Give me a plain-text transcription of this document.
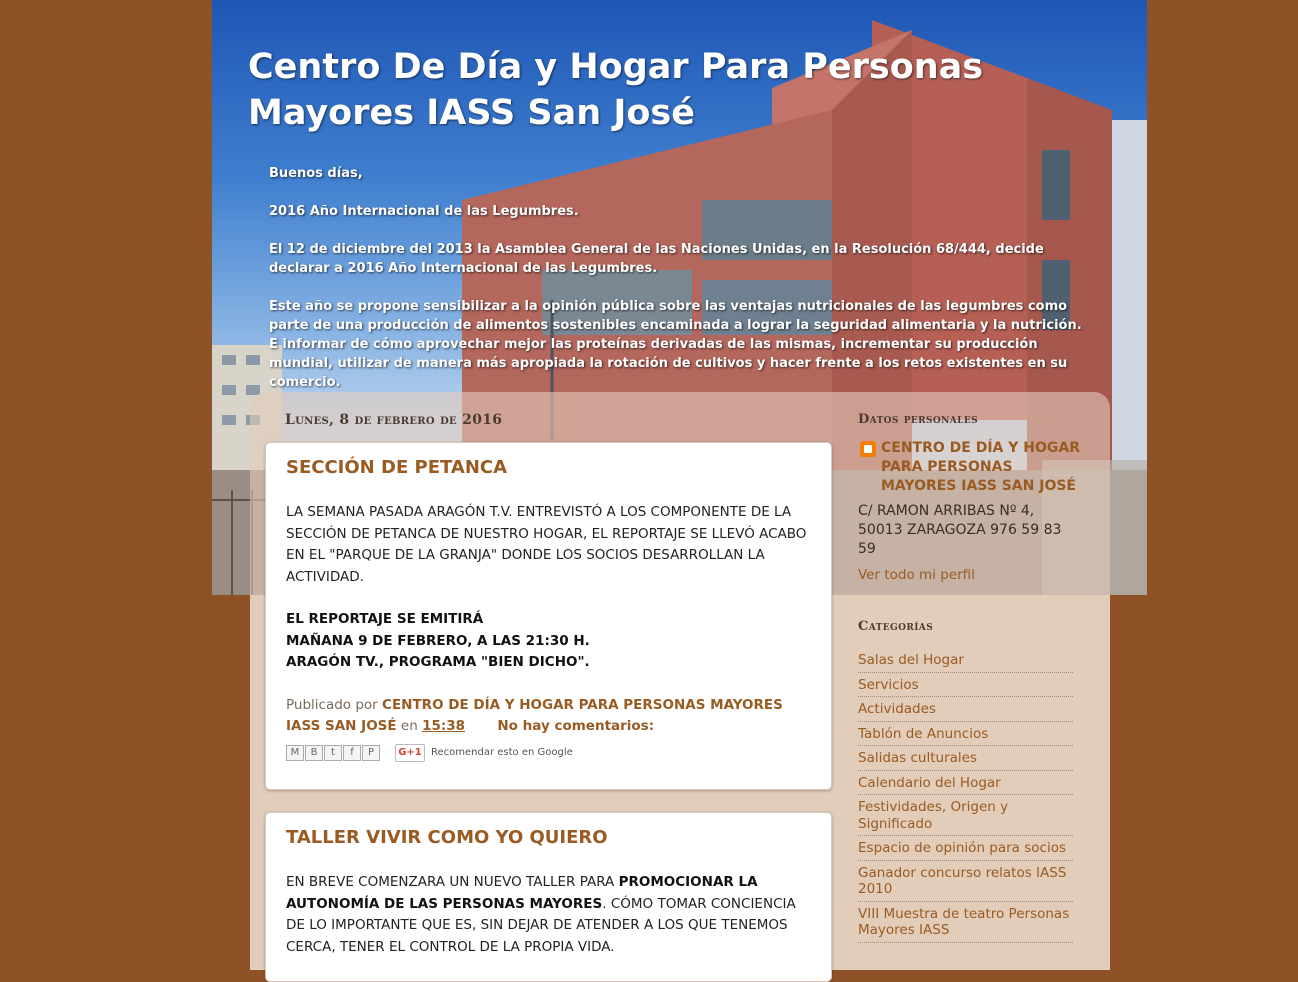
Centro De Día y Hogar Para Personas Mayores IASS San José

Buenos días,

2016 Año Internacional de las Legumbres.

El 12 de diciembre del 2013 la Asamblea General de las Naciones Unidas, en la Resolución 68/444, decide declarar a 2016 Año Internacional de las Legumbres.

Este año se propone sensibilizar a la opinión pública sobre las ventajas nutricionales de las legumbres como parte de una producción de alimentos sostenibles encaminada a lograr la seguridad alimentaria y la nutrición. E informar de cómo aprovechar mejor las proteínas derivadas de las mismas, incrementar su producción mundial, utilizar de manera más apropiada la rotación de cultivos y hacer frente a los retos existentes en su comercio.

Lunes, 8 de febrero de 2016
SECCIÓN DE PETANCA

LA SEMANA PASADA ARAGÓN T.V. ENTREVISTÓ A LOS COMPONENTE DE LA SECCIÓN DE PETANCA DE NUESTRO HOGAR, EL REPORTAJE SE LLEVÓ ACABO EN EL "PARQUE DE LA GRANJA" DONDE LOS SOCIOS DESARROLLAN LA ACTIVIDAD.

EL REPORTAJE SE EMITIRÁ
MAÑANA 9 DE FEBRERO, A LAS 21:30 H.
ARAGÓN TV., PROGRAMA "BIEN DICHO".

Publicado por CENTRO DE DÍA Y HOGAR PARA PERSONAS MAYORES IASS SAN JOSÉ en 15:38 No hay comentarios:
M	B	t	f	P	G+1 Recomendar esto en Google
TALLER VIVIR COMO YO QUIERO

EN BREVE COMENZARA UN NUEVO TALLER PARA PROMOCIONAR LA AUTONOMÍA DE LAS PERSONAS MAYORES. CÓMO TOMAR CONCIENCIA DE LO IMPORTANTE QUE ES, SIN DEJAR DE ATENDER A LOS QUE TENEMOS CERCA, TENER EL CONTROL DE LA PROPIA VIDA.

Datos personales
CENTRO DE DÍA Y HOGAR PARA PERSONAS MAYORES IASS SAN JOSÉ
C/ RAMON ARRIBAS Nº 4, 50013 ZARAGOZA 976 59 83 59
Ver todo mi perfil
Categorías
Salas del Hogar
Servicios
Actividades
Tablón de Anuncios
Salidas culturales
Calendario del Hogar
Festividades, Origen y Significado
Espacio de opinión para socios
Ganador concurso relatos IASS 2010
VIII Muestra de teatro Personas Mayores IASS
